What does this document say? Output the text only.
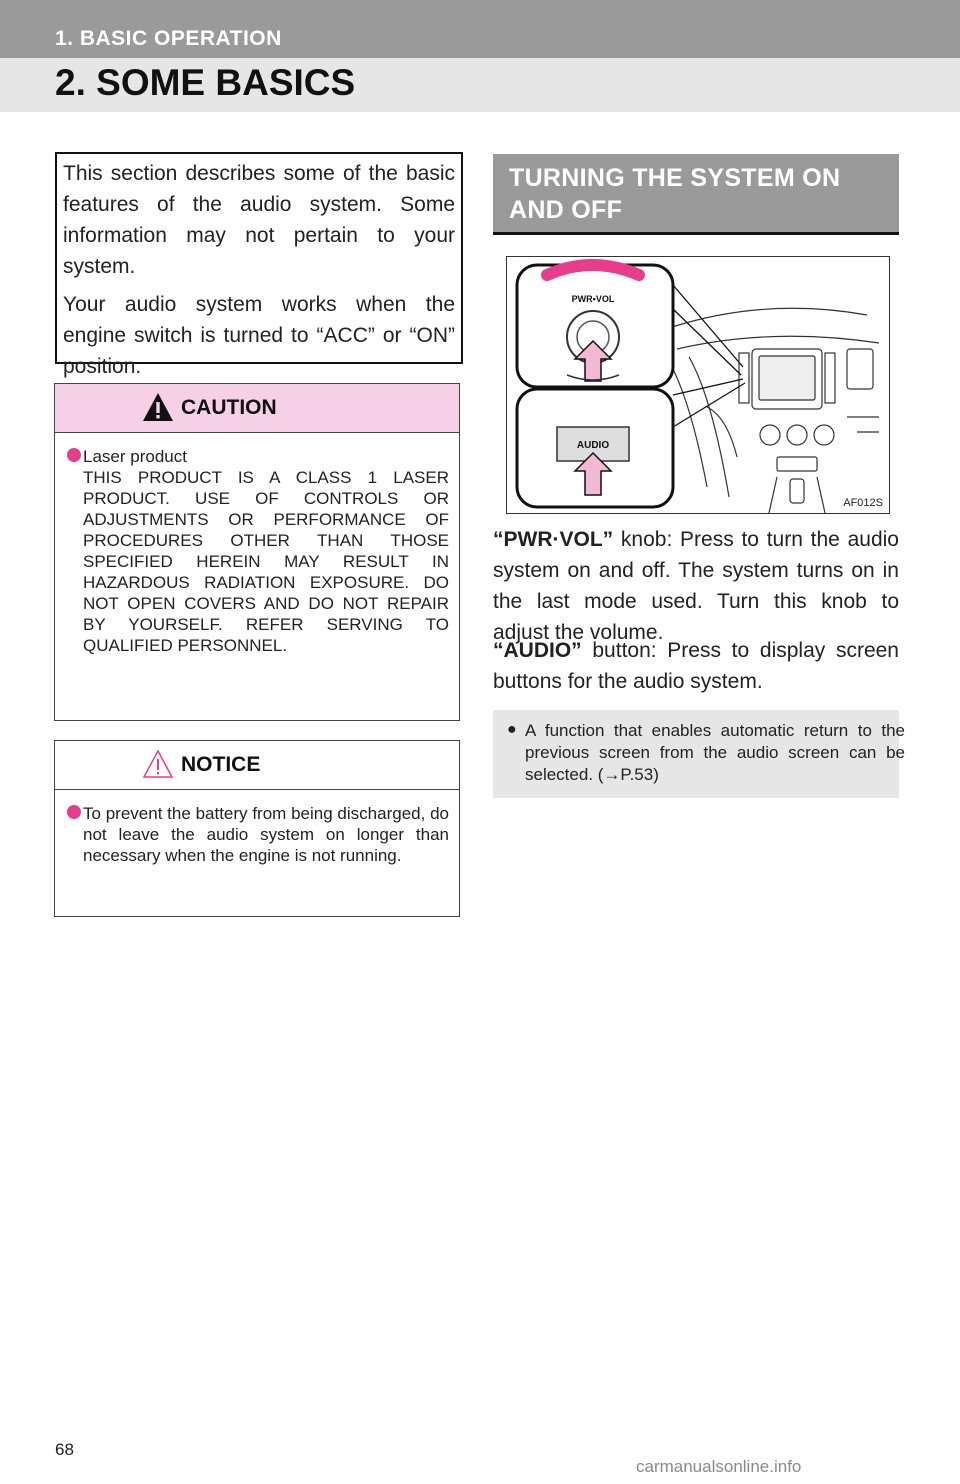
1. BASIC OPERATION
2. SOME BASICS

This section describes some of the basic features of the audio system. Some information may not pertain to your system.

Your audio system works when the engine switch is turned to “ACC” or “ON” position.

CAUTION
Laser product
THIS PRODUCT IS A CLASS 1 LASER PRODUCT. USE OF CONTROLS OR ADJUSTMENTS OR PERFORMANCE OF PROCEDURES OTHER THAN THOSE SPECIFIED HEREIN MAY RESULT IN HAZARDOUS RADIATION EXPOSURE. DO NOT OPEN COVERS AND DO NOT REPAIR BY YOURSELF. REFER SERVING TO QUALIFIED PERSONNEL.
NOTICE
To prevent the battery from being discharged, do not leave the audio system on longer than necessary when the engine is not running.
TURNING THE SYSTEM ON AND OFF
PWR•VOL
AUDIO
AF012S

“PWR·VOL” knob: Press to turn the audio system on and off. The system turns on in the last mode used. Turn this knob to adjust the volume.

“AUDIO” button: Press to display screen buttons for the audio system.

● A function that enables automatic return to the previous screen from the audio screen can be selected. (→P.53)
68
carmanualsonline.info
